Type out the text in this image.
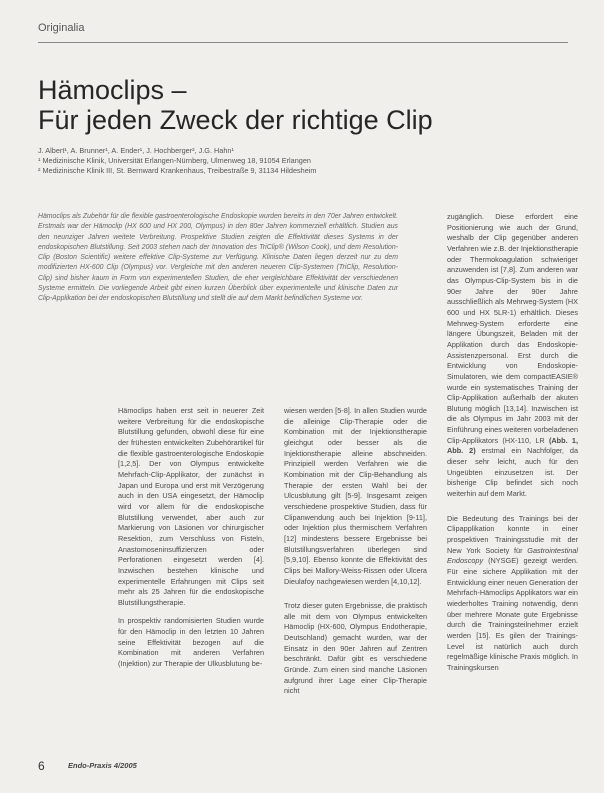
Originalia
Hämoclips –
Für jeden Zweck der richtige Clip
J. Albert¹, A. Brunner¹, A. Ender¹, J. Hochberger², J.G. Hahn¹
¹ Medizinische Klinik, Universität Erlangen-Nürnberg, Ulmenweg 18, 91054 Erlangen
² Medizinische Klinik III, St. Bernward Krankenhaus, Treibestraße 9, 31134 Hildesheim
Hämoclips als Zubehör für die flexible gastroenterologische Endoskopie wurden bereits in den 70er Jahren entwickelt. Erstmals war der Hämoclip (HX 600 und HX 200, Olympus) in den 80er Jahren kommerziell erhältlich. Studien aus den neunziger Jahren weitete Verbreitung. Prospektive Studien zeigten die Effektivität dieses Systems in der endoskopischen Blutstillung. Seit 2003 stehen nach der Innovation des TriClip® (Wilson Cook), und dem Resolution-Clip (Boston Scientific) weitere effektive Clip-Systeme zur Verfügung. Klinische Daten liegen derzeit nur zu dem modifizierten HX-600 Clip (Olympus) vor. Vergleiche mit den anderen neueren Clip-Systemen (TriClip, Resolution-Clip) sind bisher kaum in Form von experimentellen Studien, die eher vergleichbare Effektivität der verschiedenen Systeme ermitteln. Die vorliegende Arbeit gibt einen kurzen Überblick über experimentelle und klinische Daten zur Clip-Applikation bei der endoskopischen Blutstillung und stellt die auf dem Markt befindlichen Systeme vor.

Hämoclips haben erst seit in neuerer Zeit weitere Verbreitung für die endoskopische Blutstillung gefunden, obwohl diese für eine der frühesten entwickelten Zubehörartikel für die flexible gastroenterologische Endoskopie [1,2,5]. Der von Olympus entwickelte Mehrfach-Clip-Applikator, der zunächst in Japan und Europa und erst mit Verzögerung auch in den USA eingesetzt, der Hämoclip wird vor allem für die endoskopische Blutstillung verwendet, aber auch zur Markierung von Läsionen vor chirurgischer Resektion, zum Verschluss von Fisteln, Anastomoseninsuffizienzen oder Perforationen eingesetzt werden [4]. Inzwischen bestehen klinische und experimentelle Erfahrungen mit Clips seit mehr als 25 Jahren für die endoskopische Blutstillungstherapie.

In prospektiv randomisierten Studien wurde für den Hämoclip in den letzten 10 Jahren seine Effektivität bezogen auf die Kombination mit anderen Verfahren (Injektion) zur Therapie der Ulkusblutung be-

wiesen werden [5-8]. In allen Studien wurde die alleinige Clip-Therapie oder die Kombination mit der Injektionstherapie gleichgut oder besser als die Injektionstherapie alleine abschneiden. Prinzipiell werden Verfahren wie die Kombination mit der Clip-Behandlung als Therapie der ersten Wahl bei der Ulcusblutung gilt [5-9]. Insgesamt zeigen verschiedene prospektive Studien, dass für Clipanwendung auch bei Injektion [9-11], oder Injektion plus thermischem Verfahren [12] mindestens bessere Ergebnisse bei Blutstillungsverfahren überlegen sind [5,9,10]. Ebenso konnte die Effektivität des Clips bei Mallory-Weiss-Rissen oder Ulcera Dieulafoy nachgewiesen werden [4,10,12].

Trotz dieser guten Ergebnisse, die praktisch alle mit dem von Olympus entwickelten Hämoclip (HX-600, Olympus Endotherapie, Deutschland) gemacht wurden, war der Einsatz in den 90er Jahren auf Zentren beschränkt. Dafür gibt es verschiedene Gründe. Zum einen sind manche Läsionen aufgrund ihrer Lage einer Clip-Therapie nicht

zugänglich. Diese erfordert eine Positionierung wie auch der Grund, weshalb der Clip gegenüber anderen Verfahren wie z.B. der Injektionstherapie oder Thermokoagulation schwieriger anzuwenden ist [7,8]. Zum anderen war das Olympus-Clip-System bis in die 90er Jahre der 90er Jahre ausschließlich als Mehrweg-System (HX 600 und HX 5LR-1) erhältlich. Dieses Mehrweg-System erforderte eine längere Übungszeit, Beladen mit der Applikation durch das Endoskopie-Assistenzpersonal. Erst durch die Entwicklung von Endoskopie-Simulatoren, wie dem compactEASIE® wurde ein systematisches Training der Clip-Applikation außerhalb der akuten Blutung möglich [13,14]. Inzwischen ist die als Olympus im Jahr 2003 mit der Einführung eines weiteren vorbeladenen Clip-Applikators (HX-110, LR (Abb. 1, Abb. 2) erstmal ein Nachfolger, da dieser sehr leicht, auch für den Ungeübten einzusetzen ist. Der bisherige Clip befindet sich noch weiterhin auf dem Markt.

Die Bedeutung des Trainings bei der Clipapplikation konnte in einer prospektiven Trainingsstudie mit der New York Society für Gastrointestinal Endoscopy (NYSGE) gezeigt werden. Für eine sichere Applikation mit der Entwicklung einer neuen Generation der Mehrfach-Hämoclips Applikators war ein wiederholtes Training notwendig, denn über mehrere Monate gute Ergebnisse durch die Trainingsteilnehmer erzielt werden [15]. Es gilen der Trainings-Level ist natürlich auch durch regelmäßige klinische Praxis möglich. In Trainingskursen

6	Endo-Praxis 4/2005
